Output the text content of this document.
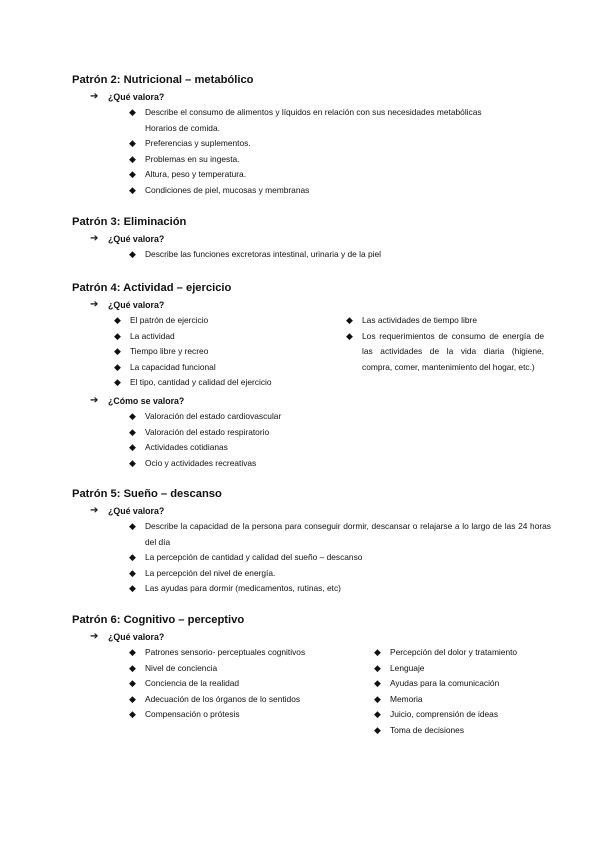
Patrón 2: Nutricional – metabólico
➔ ¿Qué valora?
◆ Describe el consumo de alimentos y líquidos en relación con sus necesidades metabólicas
Horarios de comida.
◆ Preferencias y suplementos.
◆ Problemas en su ingesta.
◆ Altura, peso y temperatura.
◆ Condiciones de piel, mucosas y membranas
Patrón 3: Eliminación
➔ ¿Qué valora?
◆ Describe las funciones excretoras intestinal, urinaria y de la piel
Patrón 4: Actividad – ejercicio
➔ ¿Qué valora?
◆ El patrón de ejercicio
◆ La actividad
◆ Tiempo libre y recreo
◆ La capacidad funcional
◆ El tipo, cantidad y calidad del ejercicio
◆ Las actividades de tiempo libre
◆ Los requerimientos de consumo de energía de las actividades de la vida diaria (higiene, compra, comer, mantenimiento del hogar, etc.)
➔ ¿Cómo se valora?
◆ Valoración del estado cardiovascular
◆ Valoración del estado respiratorio
◆ Actividades cotidianas
◆ Ocio y actividades recreativas
Patrón 5: Sueño – descanso
➔ ¿Qué valora?
◆ Describe la capacidad de la persona para conseguir dormir, descansar o relajarse a lo largo de las 24 horas del día
◆ La percepción de cantidad y calidad del sueño – descanso
◆ La percepción del nivel de energía.
◆ Las ayudas para dormir (medicamentos, rutinas, etc)
Patrón 6: Cognitivo – perceptivo
➔ ¿Qué valora?
◆ Patrones sensorio- perceptuales cognitivos
◆ Nivel de conciencia
◆ Conciencia de la realidad
◆ Adecuación de los órganos de lo sentidos
◆ Compensación o prótesis
◆ Percepción del dolor y tratamiento
◆ Lenguaje
◆ Ayudas para la comunicación
◆ Memoria
◆ Juicio, comprensión de ideas
◆ Toma de decisiones
